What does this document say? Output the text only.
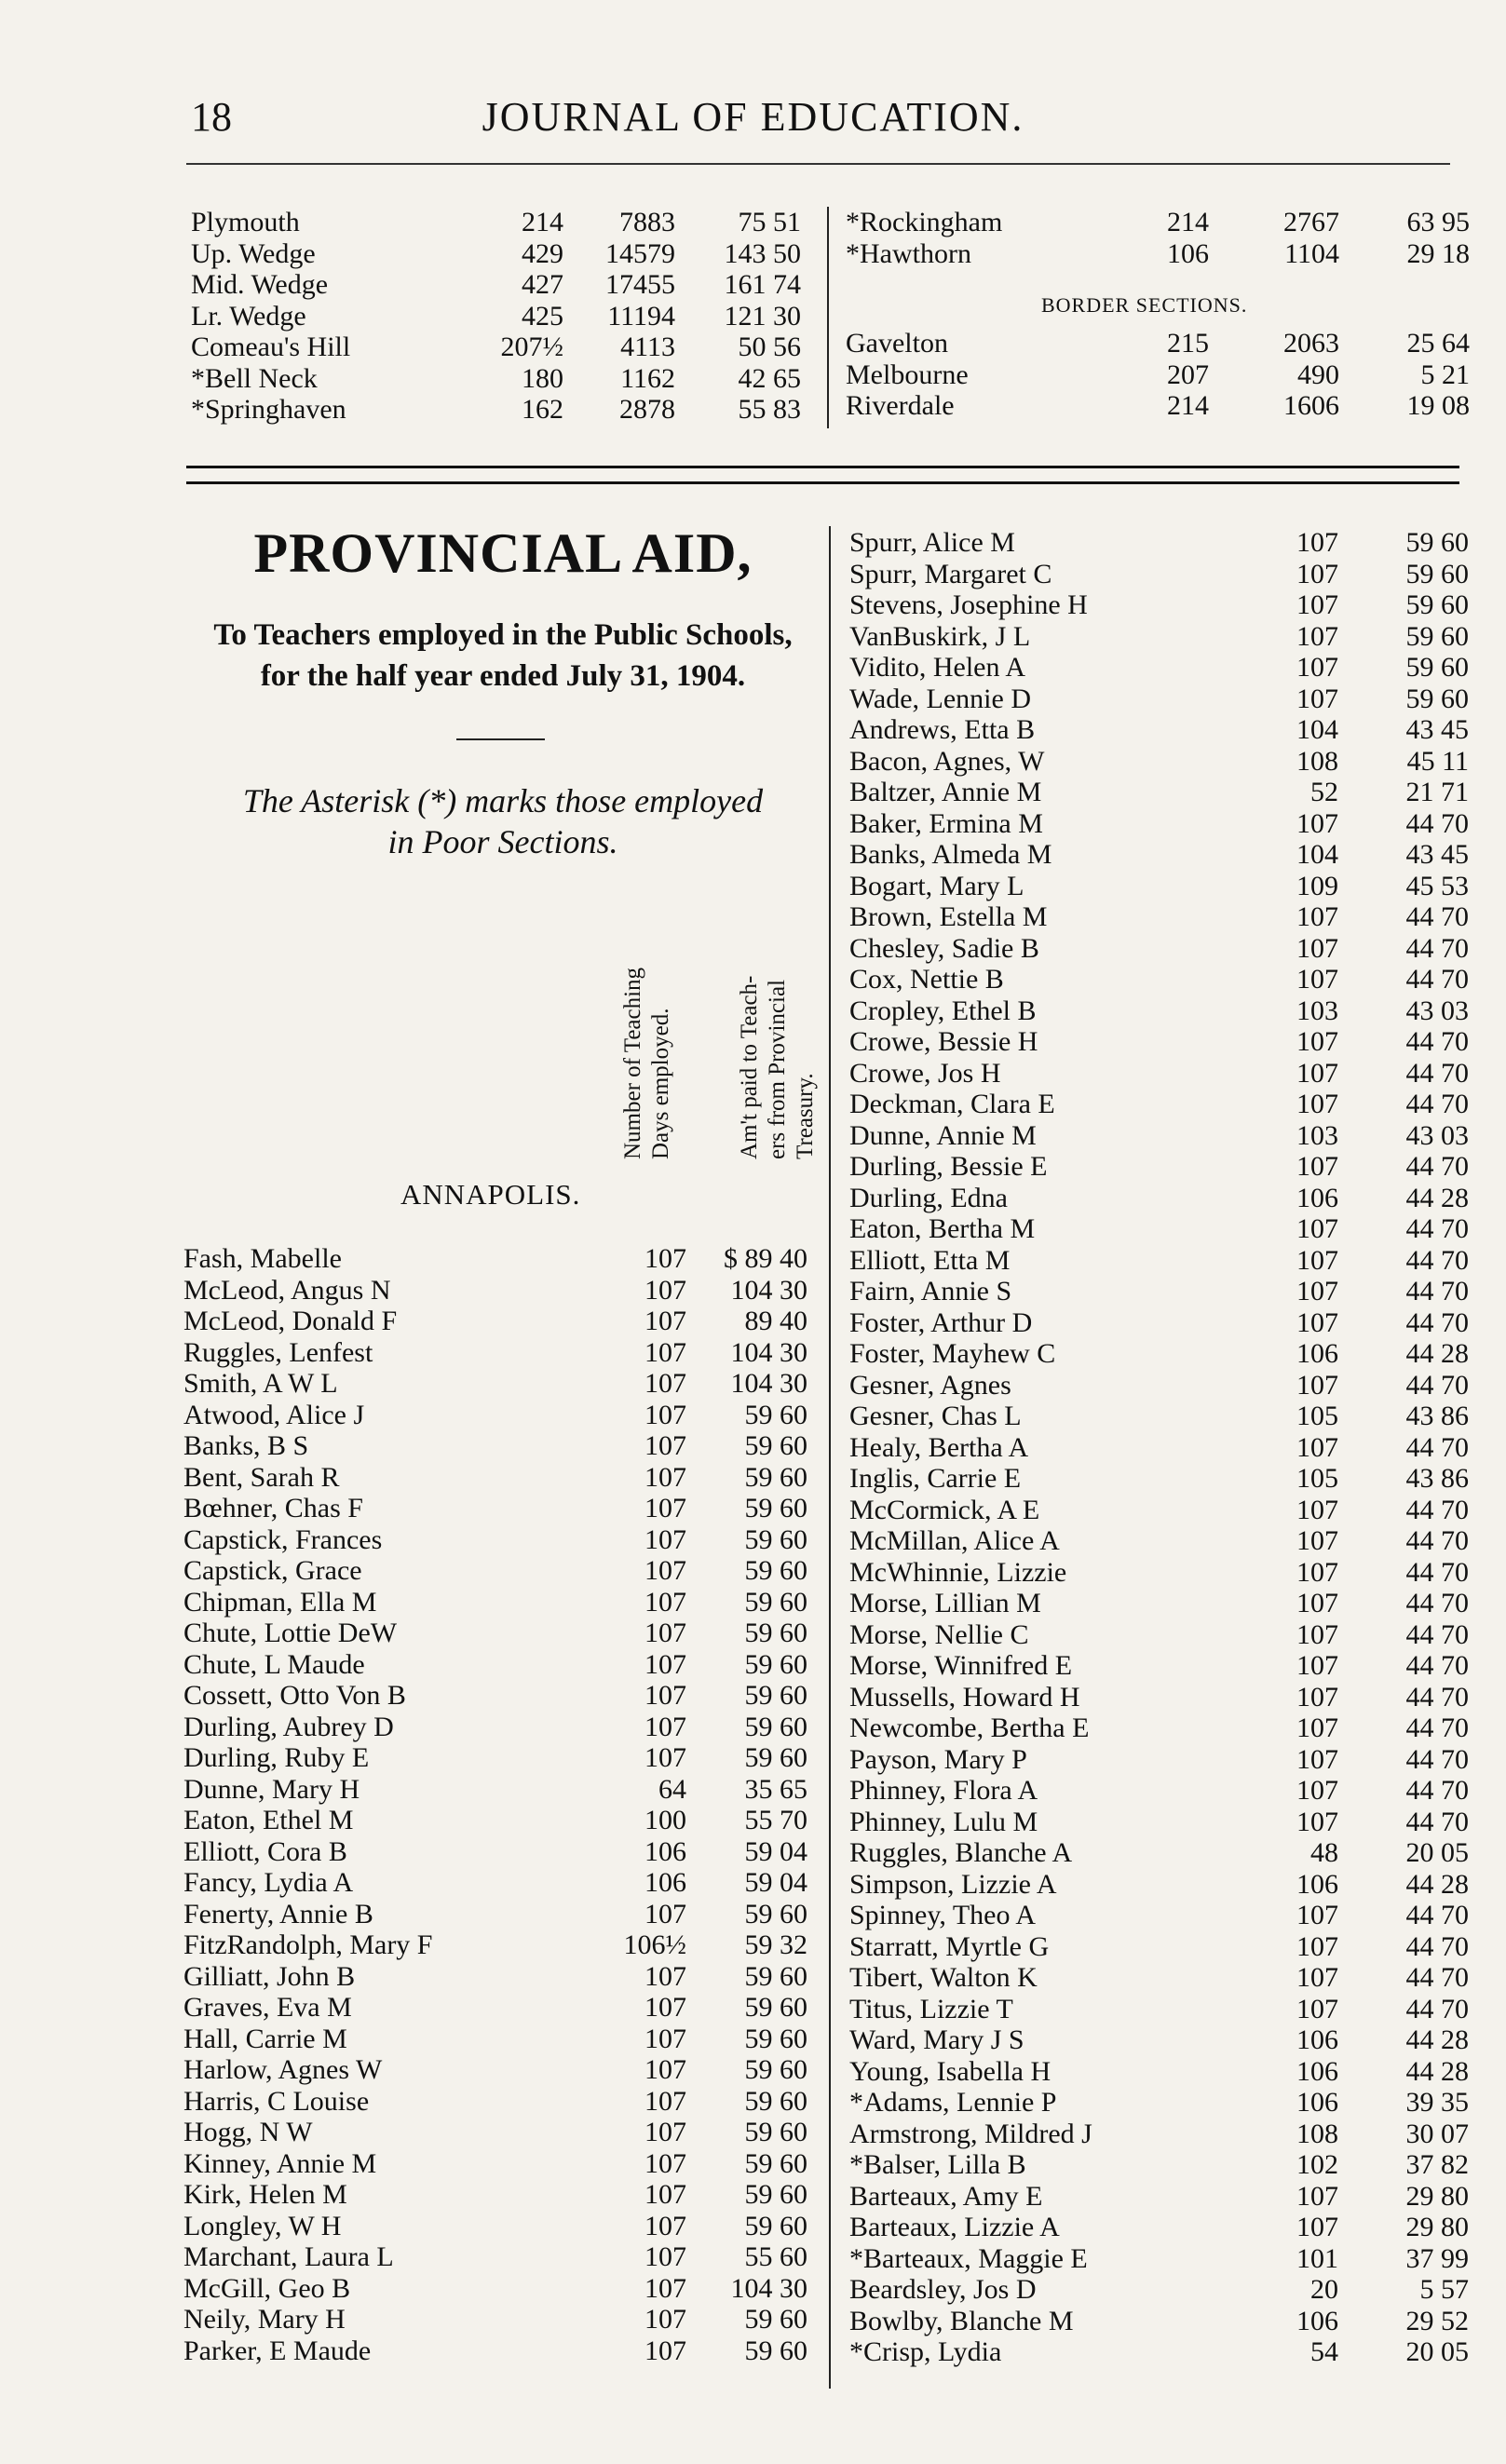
18	JOURNAL OF EDUCATION.
Plymouth	214	7883	75 51
Up. Wedge	429	14579	143 50
Mid. Wedge	427	17455	161 74
Lr. Wedge	425	11194	121 30
Comeau's Hill	207½	4113	50 56
*Bell Neck	180	1162	42 65
*Springhaven	162	2878	55 83
*Rockingham	214	2767	63 95
*Hawthorn	106	1104	29 18
BORDER SECTIONS.
Gavelton	215	2063	25 64
Melbourne	207	490	5 21
Riverdale	214	1606	19 08
PROVINCIAL AID,
To Teachers employed in the Public Schools,
for the half year ended July 31, 1904.
The Asterisk (*) marks those employed
in Poor Sections.
Number of Teaching Days employed.	Am't paid to Teach- ers from Provincial Treasury.
ANNAPOLIS.
Fash, Mabelle	107	$ 89 40
McLeod, Angus N	107	104 30
McLeod, Donald F	107	89 40
Ruggles, Lenfest	107	104 30
Smith, A W L	107	104 30
Atwood, Alice J	107	59 60
Banks, B S	107	59 60
Bent, Sarah R	107	59 60
Bœhner, Chas F	107	59 60
Capstick, Frances	107	59 60
Capstick, Grace	107	59 60
Chipman, Ella M	107	59 60
Chute, Lottie DeW	107	59 60
Chute, L Maude	107	59 60
Cossett, Otto Von B	107	59 60
Durling, Aubrey D	107	59 60
Durling, Ruby E	107	59 60
Dunne, Mary H	64	35 65
Eaton, Ethel M	100	55 70
Elliott, Cora B	106	59 04
Fancy, Lydia A	106	59 04
Fenerty, Annie B	107	59 60
FitzRandolph, Mary F	106½	59 32
Gilliatt, John B	107	59 60
Graves, Eva M	107	59 60
Hall, Carrie M	107	59 60
Harlow, Agnes W	107	59 60
Harris, C Louise	107	59 60
Hogg, N W	107	59 60
Kinney, Annie M	107	59 60
Kirk, Helen M	107	59 60
Longley, W H	107	59 60
Marchant, Laura L	107	55 60
McGill, Geo B	107	104 30
Neily, Mary H	107	59 60
Parker, E Maude	107	59 60
Spurr, Alice M	107	59 60
Spurr, Margaret C	107	59 60
Stevens, Josephine H	107	59 60
VanBuskirk, J L	107	59 60
Vidito, Helen A	107	59 60
Wade, Lennie D	107	59 60
Andrews, Etta B	104	43 45
Bacon, Agnes, W	108	45 11
Baltzer, Annie M	52	21 71
Baker, Ermina M	107	44 70
Banks, Almeda M	104	43 45
Bogart, Mary L	109	45 53
Brown, Estella M	107	44 70
Chesley, Sadie B	107	44 70
Cox, Nettie B	107	44 70
Cropley, Ethel B	103	43 03
Crowe, Bessie H	107	44 70
Crowe, Jos H	107	44 70
Deckman, Clara E	107	44 70
Dunne, Annie M	103	43 03
Durling, Bessie E	107	44 70
Durling, Edna	106	44 28
Eaton, Bertha M	107	44 70
Elliott, Etta M	107	44 70
Fairn, Annie S	107	44 70
Foster, Arthur D	107	44 70
Foster, Mayhew C	106	44 28
Gesner, Agnes	107	44 70
Gesner, Chas L	105	43 86
Healy, Bertha A	107	44 70
Inglis, Carrie E	105	43 86
McCormick, A E	107	44 70
McMillan, Alice A	107	44 70
McWhinnie, Lizzie	107	44 70
Morse, Lillian M	107	44 70
Morse, Nellie C	107	44 70
Morse, Winnifred E	107	44 70
Mussells, Howard H	107	44 70
Newcombe, Bertha E	107	44 70
Payson, Mary P	107	44 70
Phinney, Flora A	107	44 70
Phinney, Lulu M	107	44 70
Ruggles, Blanche A	48	20 05
Simpson, Lizzie A	106	44 28
Spinney, Theo A	107	44 70
Starratt, Myrtle G	107	44 70
Tibert, Walton K	107	44 70
Titus, Lizzie T	107	44 70
Ward, Mary J S	106	44 28
Young, Isabella H	106	44 28
*Adams, Lennie P	106	39 35
Armstrong, Mildred J	108	30 07
*Balser, Lilla B	102	37 82
Barteaux, Amy E	107	29 80
Barteaux, Lizzie A	107	29 80
*Barteaux, Maggie E	101	37 99
Beardsley, Jos D	20	5 57
Bowlby, Blanche M	106	29 52
*Crisp, Lydia	54	20 05
